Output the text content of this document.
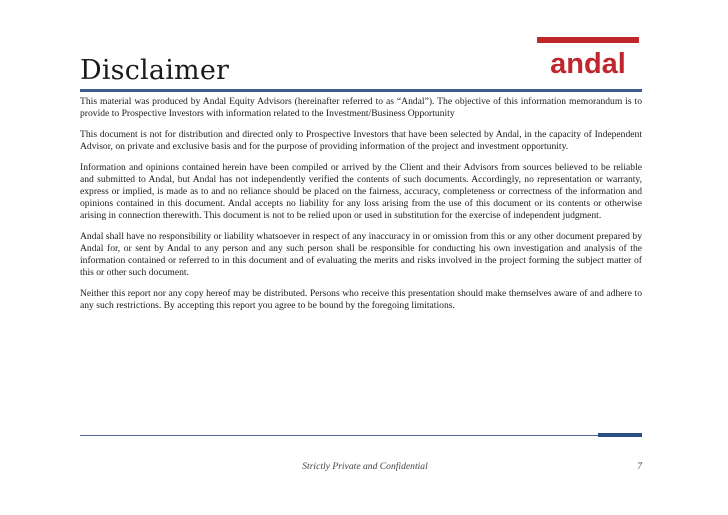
Disclaimer	andal

This material was produced by Andal Equity Advisors (hereinafter referred to as “Andal”). The objective of this information memorandum is to provide to Prospective Investors with information related to the Investment/Business Opportunity

This document is not for distribution and directed only to Prospective Investors that have been selected by Andal, in the capacity of Independent Advisor, on private and exclusive basis and for the purpose of providing information of the project and investment opportunity.

Information and opinions contained herein have been compiled or arrived by the Client and their Advisors from sources believed to be reliable and submitted to Andal, but Andal has not independently verified the contents of such documents. Accordingly, no representation or warranty, express or implied, is made as to and no reliance should be placed on the fairness, accuracy, completeness or correctness of the information and opinions contained in this document. Andal accepts no liability for any loss arising from the use of this document or its contents or otherwise arising in connection therewith. This document is not to be relied upon or used in substitution for the exercise of independent judgment.

Andal shall have no responsibility or liability whatsoever in respect of any inaccuracy in or omission from this or any other document prepared by Andal for, or sent by Andal to any person and any such person shall be responsible for conducting his own investigation and analysis of the information contained or referred to in this document and of evaluating the merits and risks involved in the project forming the subject matter of this or other such document.

Neither this report nor any copy hereof may be distributed. Persons who receive this presentation should make themselves aware of and adhere to any such restrictions. By accepting this report you agree to be bound by the foregoing limitations.

Strictly Private and Confidential	7
